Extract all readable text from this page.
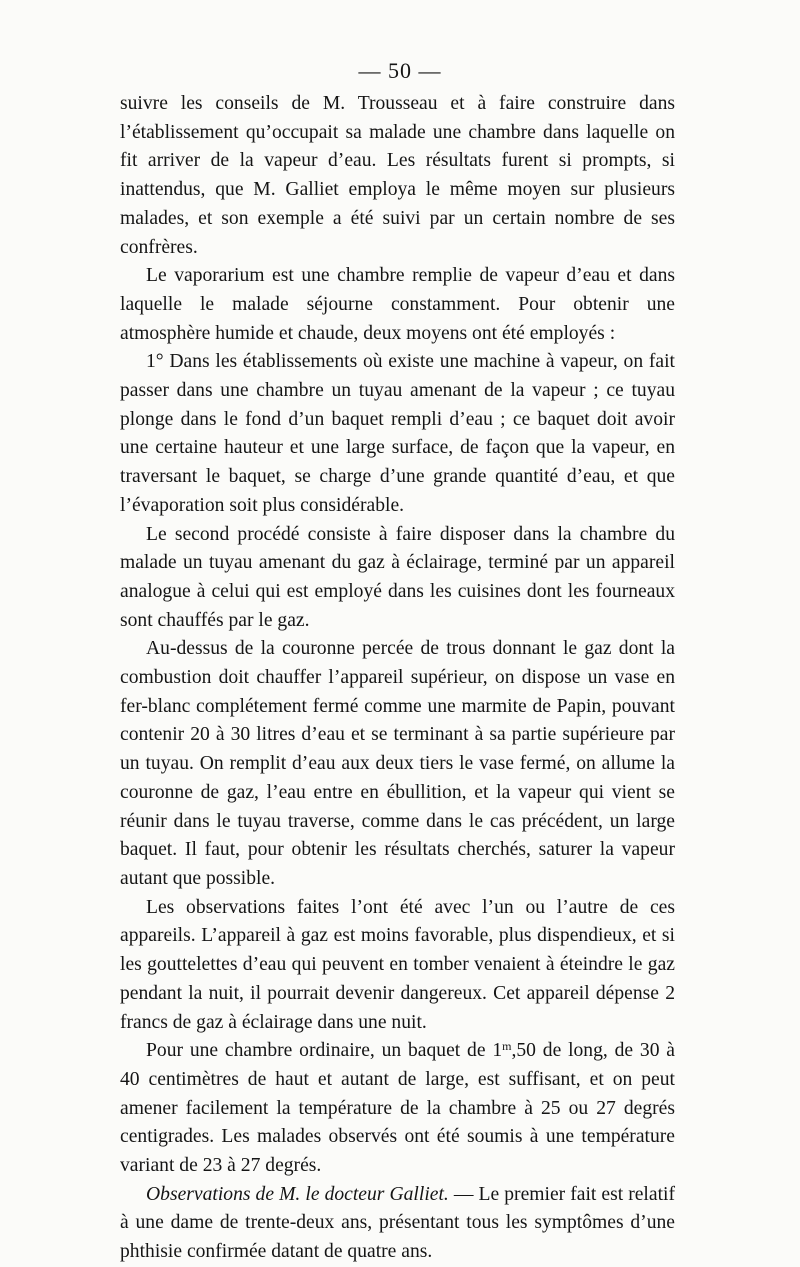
— 50 —

suivre les conseils de M. Trousseau et à faire construire dans l’établissement qu’occupait sa malade une chambre dans laquelle on fit arriver de la vapeur d’eau. Les résultats furent si prompts, si inattendus, que M. Galliet employa le même moyen sur plusieurs malades, et son exemple a été suivi par un certain nombre de ses confrères.

Le vaporarium est une chambre remplie de vapeur d’eau et dans laquelle le malade séjourne constamment. Pour obtenir une atmosphère humide et chaude, deux moyens ont été employés :

1° Dans les établissements où existe une machine à vapeur, on fait passer dans une chambre un tuyau amenant de la vapeur ; ce tuyau plonge dans le fond d’un baquet rempli d’eau ; ce baquet doit avoir une certaine hauteur et une large surface, de façon que la vapeur, en traversant le baquet, se charge d’une grande quantité d’eau, et que l’évaporation soit plus considérable.

Le second procédé consiste à faire disposer dans la chambre du malade un tuyau amenant du gaz à éclairage, terminé par un appareil analogue à celui qui est employé dans les cuisines dont les fourneaux sont chauffés par le gaz.

Au-dessus de la couronne percée de trous donnant le gaz dont la combustion doit chauffer l’appareil supérieur, on dispose un vase en fer-blanc complétement fermé comme une marmite de Papin, pouvant contenir 20 à 30 litres d’eau et se terminant à sa partie supérieure par un tuyau. On remplit d’eau aux deux tiers le vase fermé, on allume la couronne de gaz, l’eau entre en ébullition, et la vapeur qui vient se réunir dans le tuyau traverse, comme dans le cas précédent, un large baquet. Il faut, pour obtenir les résultats cherchés, saturer la vapeur autant que possible.

Les observations faites l’ont été avec l’un ou l’autre de ces appareils. L’appareil à gaz est moins favorable, plus dispendieux, et si les gouttelettes d’eau qui peuvent en tomber venaient à éteindre le gaz pendant la nuit, il pourrait devenir dangereux. Cet appareil dépense 2 francs de gaz à éclairage dans une nuit.

Pour une chambre ordinaire, un baquet de 1$^m$,50 de long, de 30 à 40 centimètres de haut et autant de large, est suffisant, et on peut amener facilement la température de la chambre à 25 ou 27 degrés centigrades. Les malades observés ont été soumis à une température variant de 23 à 27 degrés.

Observations de M. le docteur Galliet. — Le premier fait est relatif à une dame de trente-deux ans, présentant tous les symptômes d’une phthisie confirmée datant de quatre ans.
